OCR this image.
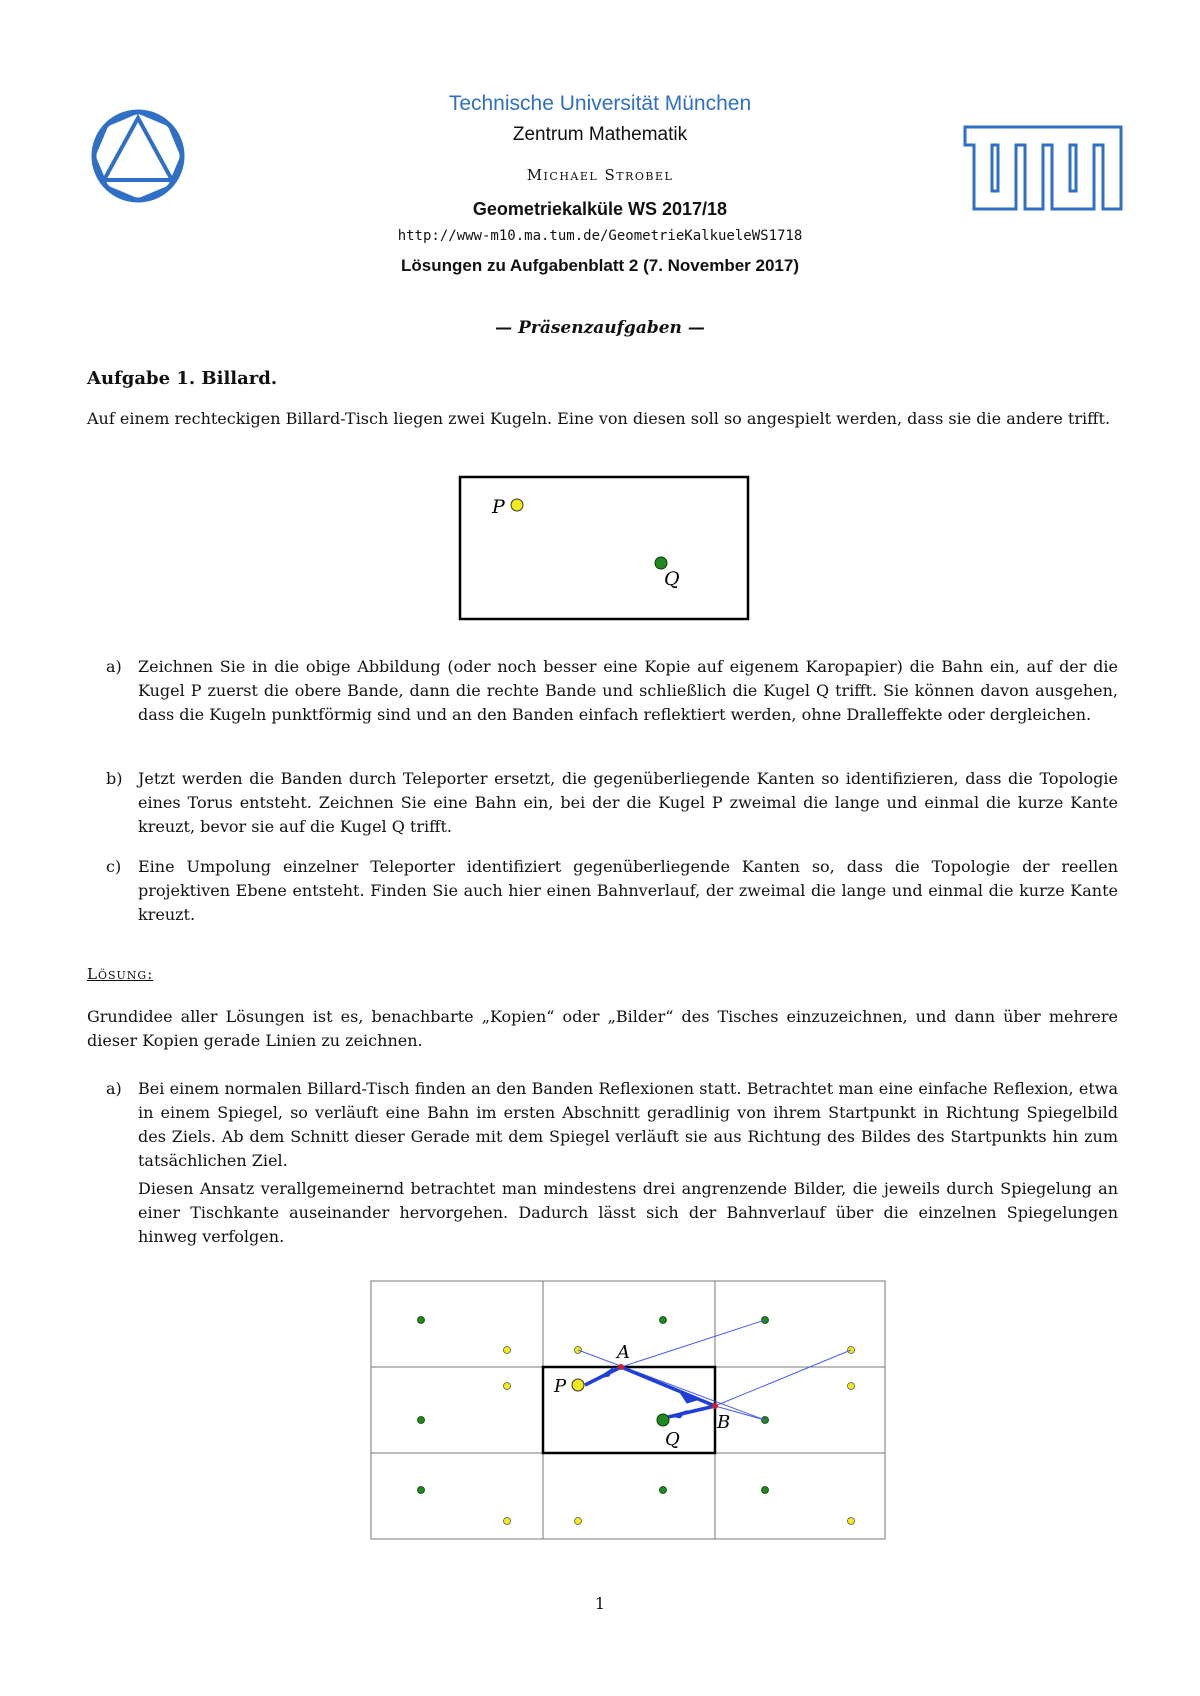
Technische Universität München
Zentrum Mathematik
Michael Strobel
Geometriekalküle WS 2017/18
http://www-m10.ma.tum.de/GeometrieKalkueleWS1718
Lösungen zu Aufgabenblatt 2 (7. November 2017)
— Präsenzaufgaben —
Aufgabe 1. Billard.
Auf einem rechteckigen Billard-Tisch liegen zwei Kugeln. Eine von diesen soll so angespielt werden, dass sie die andere trifft.
P
Q
a) Zeichnen Sie in die obige Abbildung (oder noch besser eine Kopie auf eigenem Karopapier) die Bahn ein, auf der die Kugel P zuerst die obere Bande, dann die rechte Bande und schließlich die Kugel Q trifft. Sie können davon ausgehen, dass die Kugeln punktförmig sind und an den Banden einfach reflektiert werden, ohne Dralleffekte oder dergleichen.
b) Jetzt werden die Banden durch Teleporter ersetzt, die gegenüberliegende Kanten so identifizieren, dass die Topologie eines Torus entsteht. Zeichnen Sie eine Bahn ein, bei der die Kugel P zweimal die lange und einmal die kurze Kante kreuzt, bevor sie auf die Kugel Q trifft.
c) Eine Umpolung einzelner Teleporter identifiziert gegenüberliegende Kanten so, dass die Topologie der reellen projektiven Ebene entsteht. Finden Sie auch hier einen Bahnverlauf, der zweimal die lange und einmal die kurze Kante kreuzt.
Lösung:
Grundidee aller Lösungen ist es, benachbarte „Kopien“ oder „Bilder“ des Tisches einzuzeichnen, und dann über mehrere dieser Kopien gerade Linien zu zeichnen.
a) Bei einem normalen Billard-Tisch finden an den Banden Reflexionen statt. Betrachtet man eine einfache Reflexion, etwa in einem Spiegel, so verläuft eine Bahn im ersten Abschnitt geradlinig von ihrem Startpunkt in Richtung Spiegelbild des Ziels. Ab dem Schnitt dieser Gerade mit dem Spiegel verläuft sie aus Richtung des Bildes des Startpunkts hin zum tatsächlichen Ziel.
Diesen Ansatz verallgemeinernd betrachtet man mindestens drei angrenzende Bilder, die jeweils durch Spiegelung an einer Tischkante auseinander hervorgehen. Dadurch lässt sich der Bahnverlauf über die einzelnen Spiegelungen hinweg verfolgen.
P
Q
A
B
1
